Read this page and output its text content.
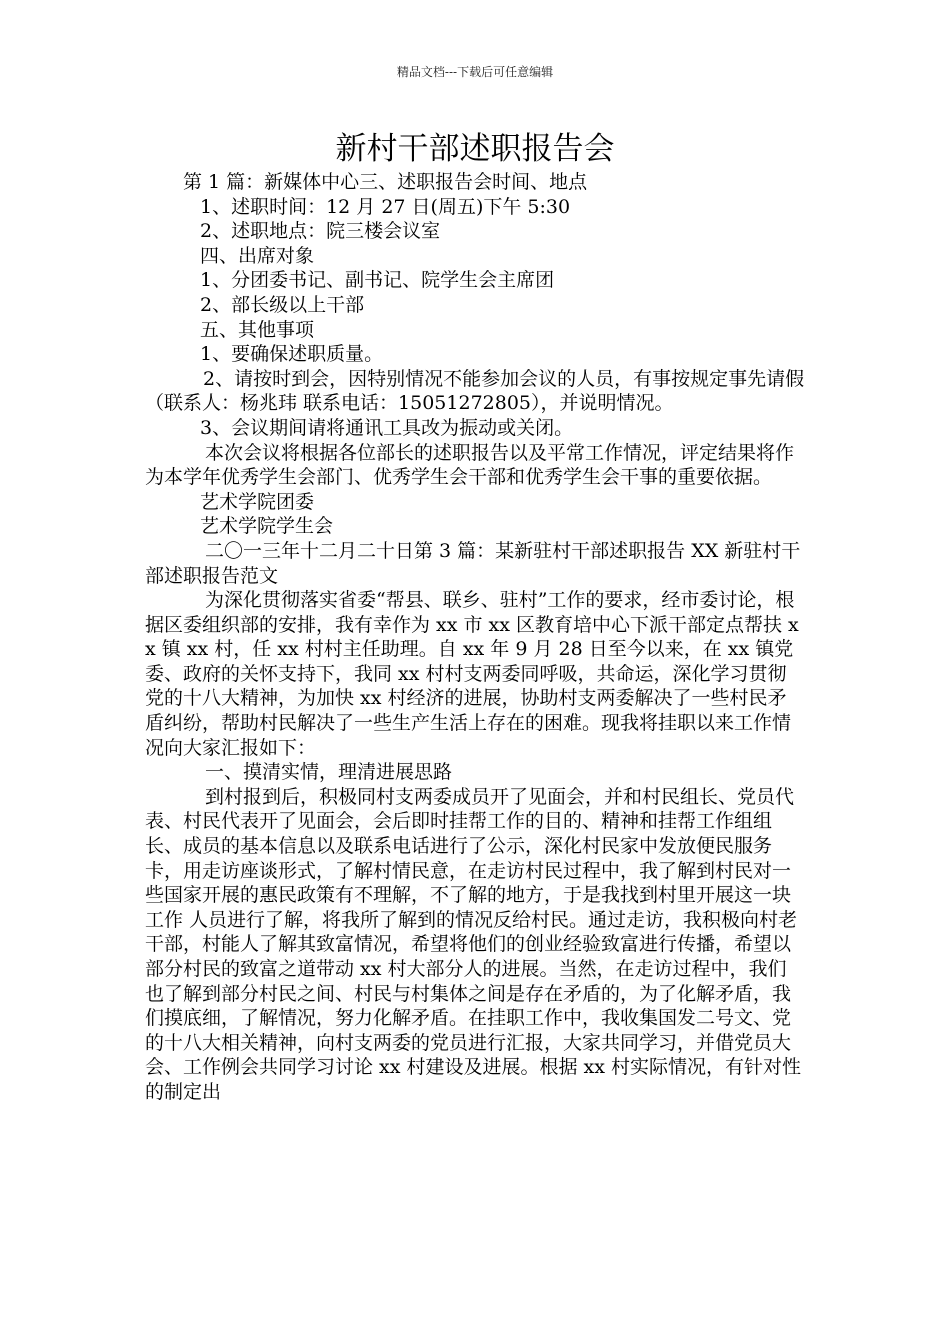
精品文档---下载后可任意编辑
新村干部述职报告会

第 1 篇：新媒体中心三、述职报告会时间、地点

1、述职时间：12 月 27 日(周五)下午 5:30

2、述职地点：院三楼会议室

四、出席对象

1、分团委书记、副书记、院学生会主席团

2、部长级以上干部

五、其他事项

1、要确保述职质量。

2、请按时到会，因特别情况不能参加会议的人员，有事按规定事先请假（联系人：杨兆玮 联系电话：15051272805），并说明情况。

3、会议期间请将通讯工具改为振动或关闭。

本次会议将根据各位部长的述职报告以及平常工作情况，评定结果将作为本学年优秀学生会部门、优秀学生会干部和优秀学生会干事的重要依据。

艺术学院团委

艺术学院学生会

二〇一三年十二月二十日第 3 篇：某新驻村干部述职报告 XX 新驻村干部述职报告范文

为深化贯彻落实省委“帮县、联乡、驻村”工作的要求，经市委讨论，根据区委组织部的安排，我有幸作为 xx 市 xx 区教育培中心下派干部定点帮扶 xx 镇 xx 村，任 xx 村村主任助理。自 xx 年 9 月 28 日至今以来，在 xx 镇党委、政府的关怀支持下，我同 xx 村村支两委同呼吸，共命运，深化学习贯彻党的十八大精神，为加快 xx 村经济的进展，协助村支两委解决了一些村民矛盾纠纷，帮助村民解决了一些生产生活上存在的困难。现我将挂职以来工作情况向大家汇报如下：

一、摸清实情，理清进展思路

到村报到后，积极同村支两委成员开了见面会，并和村民组长、党员代表、村民代表开了见面会，会后即时挂帮工作的目的、精神和挂帮工作组组长、成员的基本信息以及联系电话进行了公示，深化村民家中发放便民服务卡，用走访座谈形式，了解村情民意，在走访村民过程中，我了解到村民对一些国家开展的惠民政策有不理解，不了解的地方，于是我找到村里开展这一块工作 人员进行了解，将我所了解到的情况反给村民。通过走访，我积极向村老干部，村能人了解其致富情况，希望将他们的创业经验致富进行传播，希望以部分村民的致富之道带动 xx 村大部分人的进展。当然，在走访过程中，我们也了解到部分村民之间、村民与村集体之间是存在矛盾的，为了化解矛盾，我们摸底细，了解情况，努力化解矛盾。在挂职工作中，我收集国发二号文、党的十八大相关精神，向村支两委的党员进行汇报，大家共同学习，并借党员大会、工作例会共同学习讨论 xx 村建设及进展。根据 xx 村实际情况，有针对性的制定出
